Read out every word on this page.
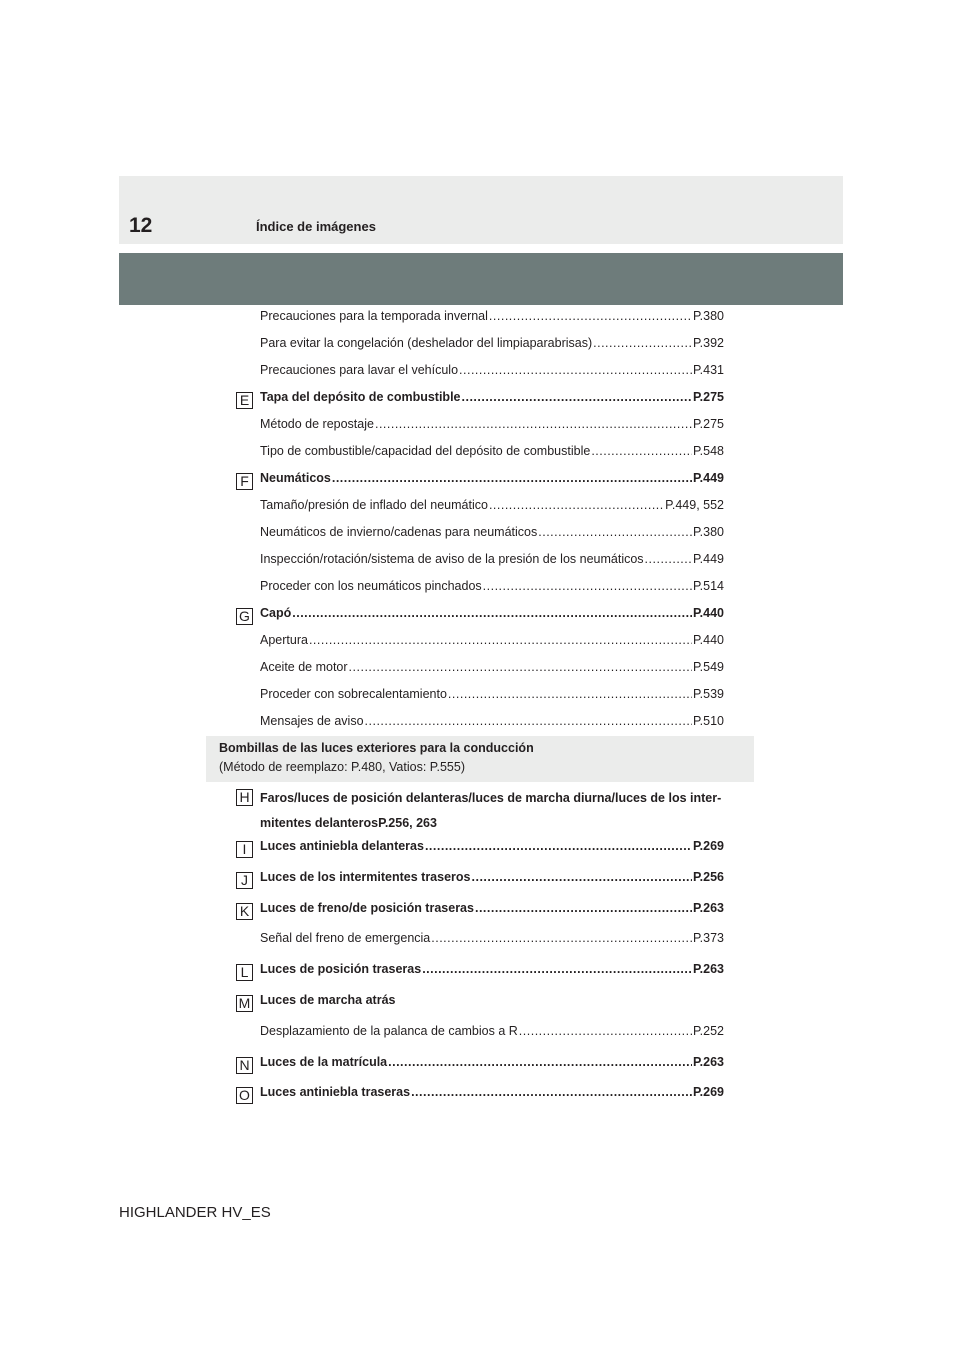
12	Índice de imágenes
Precauciones para la temporada invernal .....	P.380
Para evitar la congelación (deshelador del limpiaparabrisas) .....	P.392
Precauciones para lavar el vehículo .....	P.431
E Tapa del depósito de combustible .....	P.275
Método de repostaje .....	P.275
Tipo de combustible/capacidad del depósito de combustible .....	P.548
F Neumáticos .....	P.449
Tamaño/presión de inflado del neumático .....	P.449, 552
Neumáticos de invierno/cadenas para neumáticos .....	P.380
Inspección/rotación/sistema de aviso de la presión de los neumáticos .....	P.449
Proceder con los neumáticos pinchados .....	P.514
G Capó .....	P.440
Apertura .....	P.440
Aceite de motor .....	P.549
Proceder con sobrecalentamiento .....	P.539
Mensajes de aviso .....	P.510
Bombillas de las luces exteriores para la conducción
(Método de reemplazo: P.480, Vatios: P.555)
H Faros/luces de posición delanteras/luces de marcha diurna/luces de los inter-
mitentes delanterosP.256, 263
I	Luces antiniebla delanteras .....	P.269
J Luces de los intermitentes traseros .....	P.256
K Luces de freno/de posición traseras .....	P.263
Señal del freno de emergencia .....	P.373
L Luces de posición traseras .....	P.263
M Luces de marcha atrás
Desplazamiento de la palanca de cambios a R .....	P.252
N Luces de la matrícula .....	P.263
O Luces antiniebla traseras .....	P.269
HIGHLANDER HV_ES
